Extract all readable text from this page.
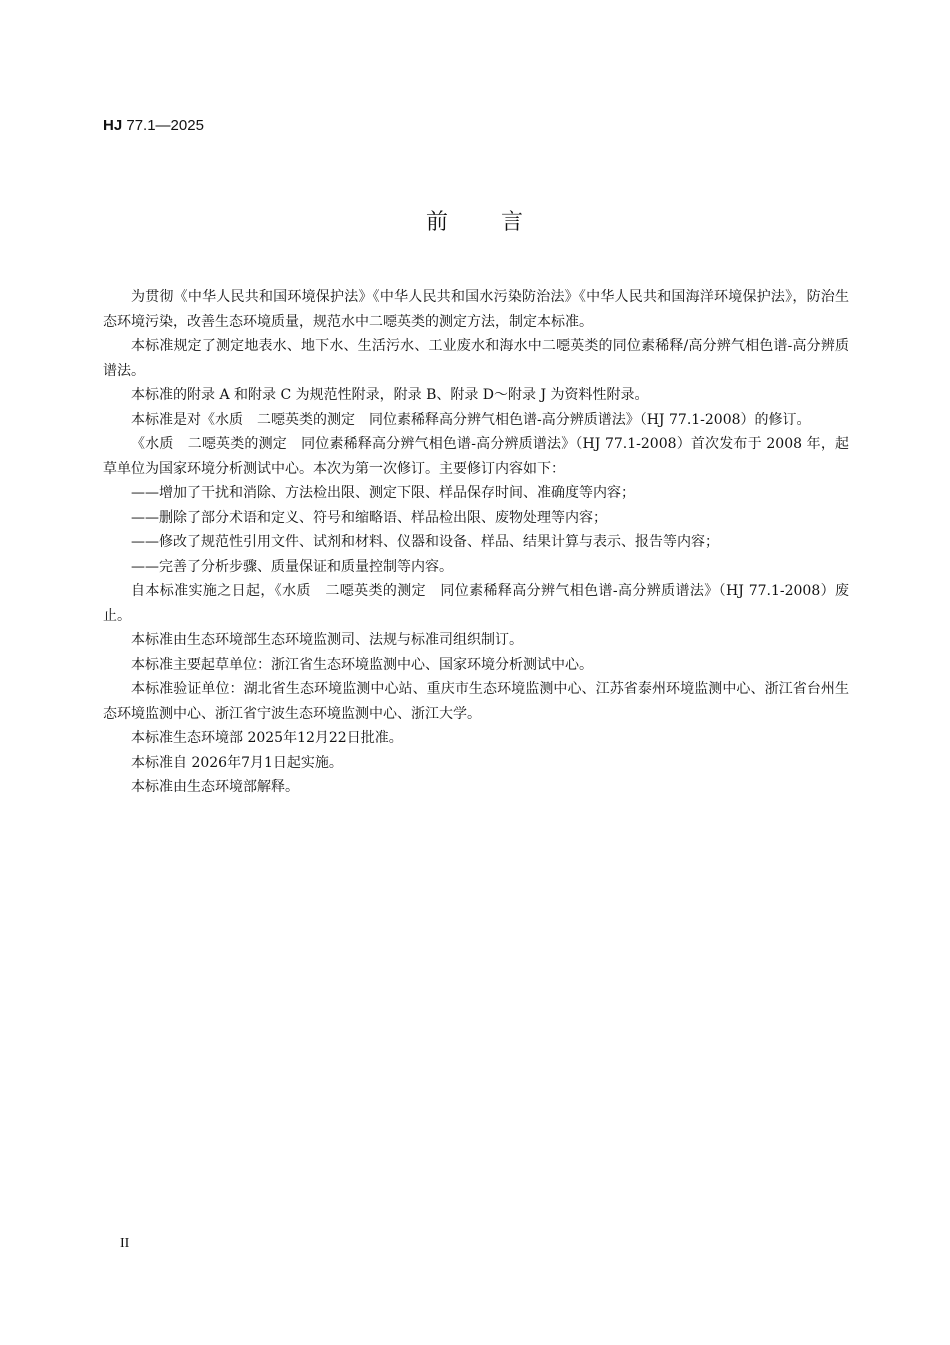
HJ 77.1—2025
前 言

为贯彻《中华人民共和国环境保护法》《中华人民共和国水污染防治法》《中华人民共和国海洋环境保护法》，防治生态环境污染，改善生态环境质量，规范水中二噁英类的测定方法，制定本标准。

本标准规定了测定地表水、地下水、生活污水、工业废水和海水中二噁英类的同位素稀释/高分辨气相色谱-高分辨质谱法。

本标准的附录 A 和附录 C 为规范性附录，附录 B、附录 D～附录 J 为资料性附录。

本标准是对《水质　二噁英类的测定　同位素稀释高分辨气相色谱-高分辨质谱法》（HJ 77.1-2008）的修订。

《水质　二噁英类的测定　同位素稀释高分辨气相色谱-高分辨质谱法》（HJ 77.1-2008）首次发布于 2008 年，起草单位为国家环境分析测试中心。本次为第一次修订。主要修订内容如下：

——增加了干扰和消除、方法检出限、测定下限、样品保存时间、准确度等内容；

——删除了部分术语和定义、符号和缩略语、样品检出限、废物处理等内容；

——修改了规范性引用文件、试剂和材料、仪器和设备、样品、结果计算与表示、报告等内容；

——完善了分析步骤、质量保证和质量控制等内容。

自本标准实施之日起，《水质　二噁英类的测定　同位素稀释高分辨气相色谱-高分辨质谱法》（HJ 77.1-2008）废止。

本标准由生态环境部生态环境监测司、法规与标准司组织制订。

本标准主要起草单位：浙江省生态环境监测中心、国家环境分析测试中心。

本标准验证单位：湖北省生态环境监测中心站、重庆市生态环境监测中心、江苏省泰州环境监测中心、浙江省台州生态环境监测中心、浙江省宁波生态环境监测中心、浙江大学。

本标准生态环境部 2025年12月22日批准。

本标准自 2026年7月1日起实施。

本标准由生态环境部解释。

II
